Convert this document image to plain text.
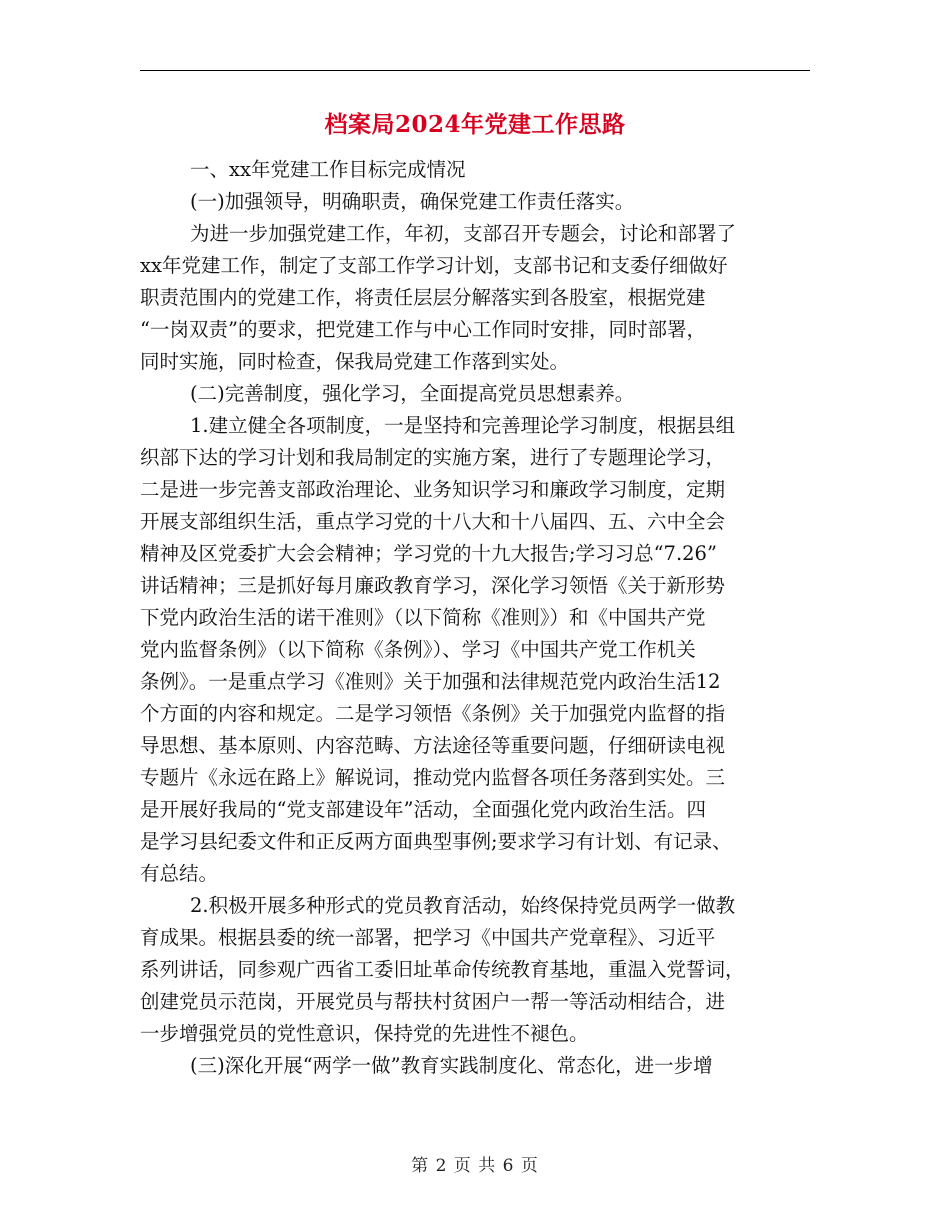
档案局2024年党建工作思路
一、xx年党建工作目标完成情况
(一)加强领导，明确职责，确保党建工作责任落实。
为进一步加强党建工作，年初，支部召开专题会，讨论和部署了
xx年党建工作，制定了支部工作学习计划，支部书记和支委仔细做好
职责范围内的党建工作，将责任层层分解落实到各股室，根据党建
“一岗双责”的要求，把党建工作与中心工作同时安排，同时部署，
同时实施，同时检查，保我局党建工作落到实处。
(二)完善制度，强化学习，全面提高党员思想素养。
1.建立健全各项制度，一是坚持和完善理论学习制度，根据县组
织部下达的学习计划和我局制定的实施方案，进行了专题理论学习，
二是进一步完善支部政治理论、业务知识学习和廉政学习制度，定期
开展支部组织生活，重点学习党的十八大和十八届四、五、六中全会
精神及区党委扩大会会精神；学习党的十九大报告;学习习总“7.26”
讲话精神；三是抓好每月廉政教育学习，深化学习领悟《关于新形势
下党内政治生活的诺干准则》（以下简称《准则》）和《中国共产党
党内监督条例》（以下简称《条例》）、学习《中国共产党工作机关
条例》。一是重点学习《准则》关于加强和法律规范党内政治生活12
个方面的内容和规定。二是学习领悟《条例》关于加强党内监督的指
导思想、基本原则、内容范畴、方法途径等重要问题，仔细研读电视
专题片《永远在路上》解说词，推动党内监督各项任务落到实处。三
是开展好我局的“党支部建设年”活动，全面强化党内政治生活。四
是学习县纪委文件和正反两方面典型事例;要求学习有计划、有记录、
有总结。
2.积极开展多种形式的党员教育活动，始终保持党员两学一做教
育成果。根据县委的统一部署，把学习《中国共产党章程》、习近平
系列讲话，同参观广西省工委旧址革命传统教育基地，重温入党誓词，
创建党员示范岗，开展党员与帮扶村贫困户一帮一等活动相结合，进
一步增强党员的党性意识，保持党的先进性不褪色。
(三)深化开展“两学一做”教育实践制度化、常态化，进一步增
第 2 页 共 6 页
